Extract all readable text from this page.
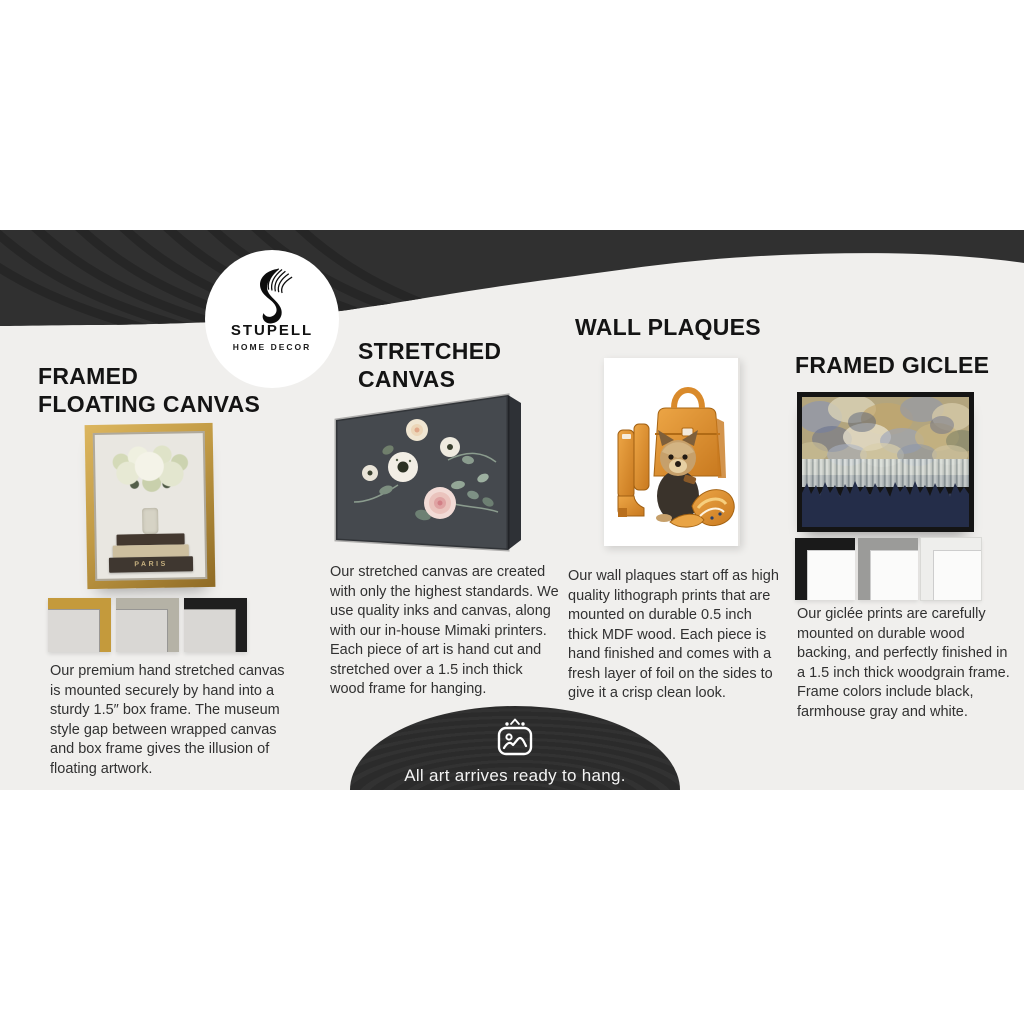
STUPELL
HOME DECOR
FRAMED
FLOATING CANVAS
PARIS

Our premium hand stretched canvas is mounted securely by hand into a sturdy 1.5″ box frame. The museum style gap between wrapped canvas and box frame gives the illusion of floating artwork.

STRETCHED
CANVAS

Our stretched canvas are created with only the highest standards. We use quality inks and canvas, along with our in-house Mimaki printers. Each piece of art is hand cut and stretched over a 1.5 inch thick wood frame for hanging.

WALL PLAQUES

Our wall plaques start off as high quality lithograph prints that are mounted on durable 0.5 inch thick MDF wood. Each piece is hand finished and comes with a fresh layer of foil on the sides to give it a crisp clean look.

FRAMED GICLEE

Our giclée prints are carefully mounted on durable wood backing, and perfectly finished in a 1.5 inch thick woodgrain frame. Frame colors include black, farmhouse gray and white.

All art arrives ready to hang.
